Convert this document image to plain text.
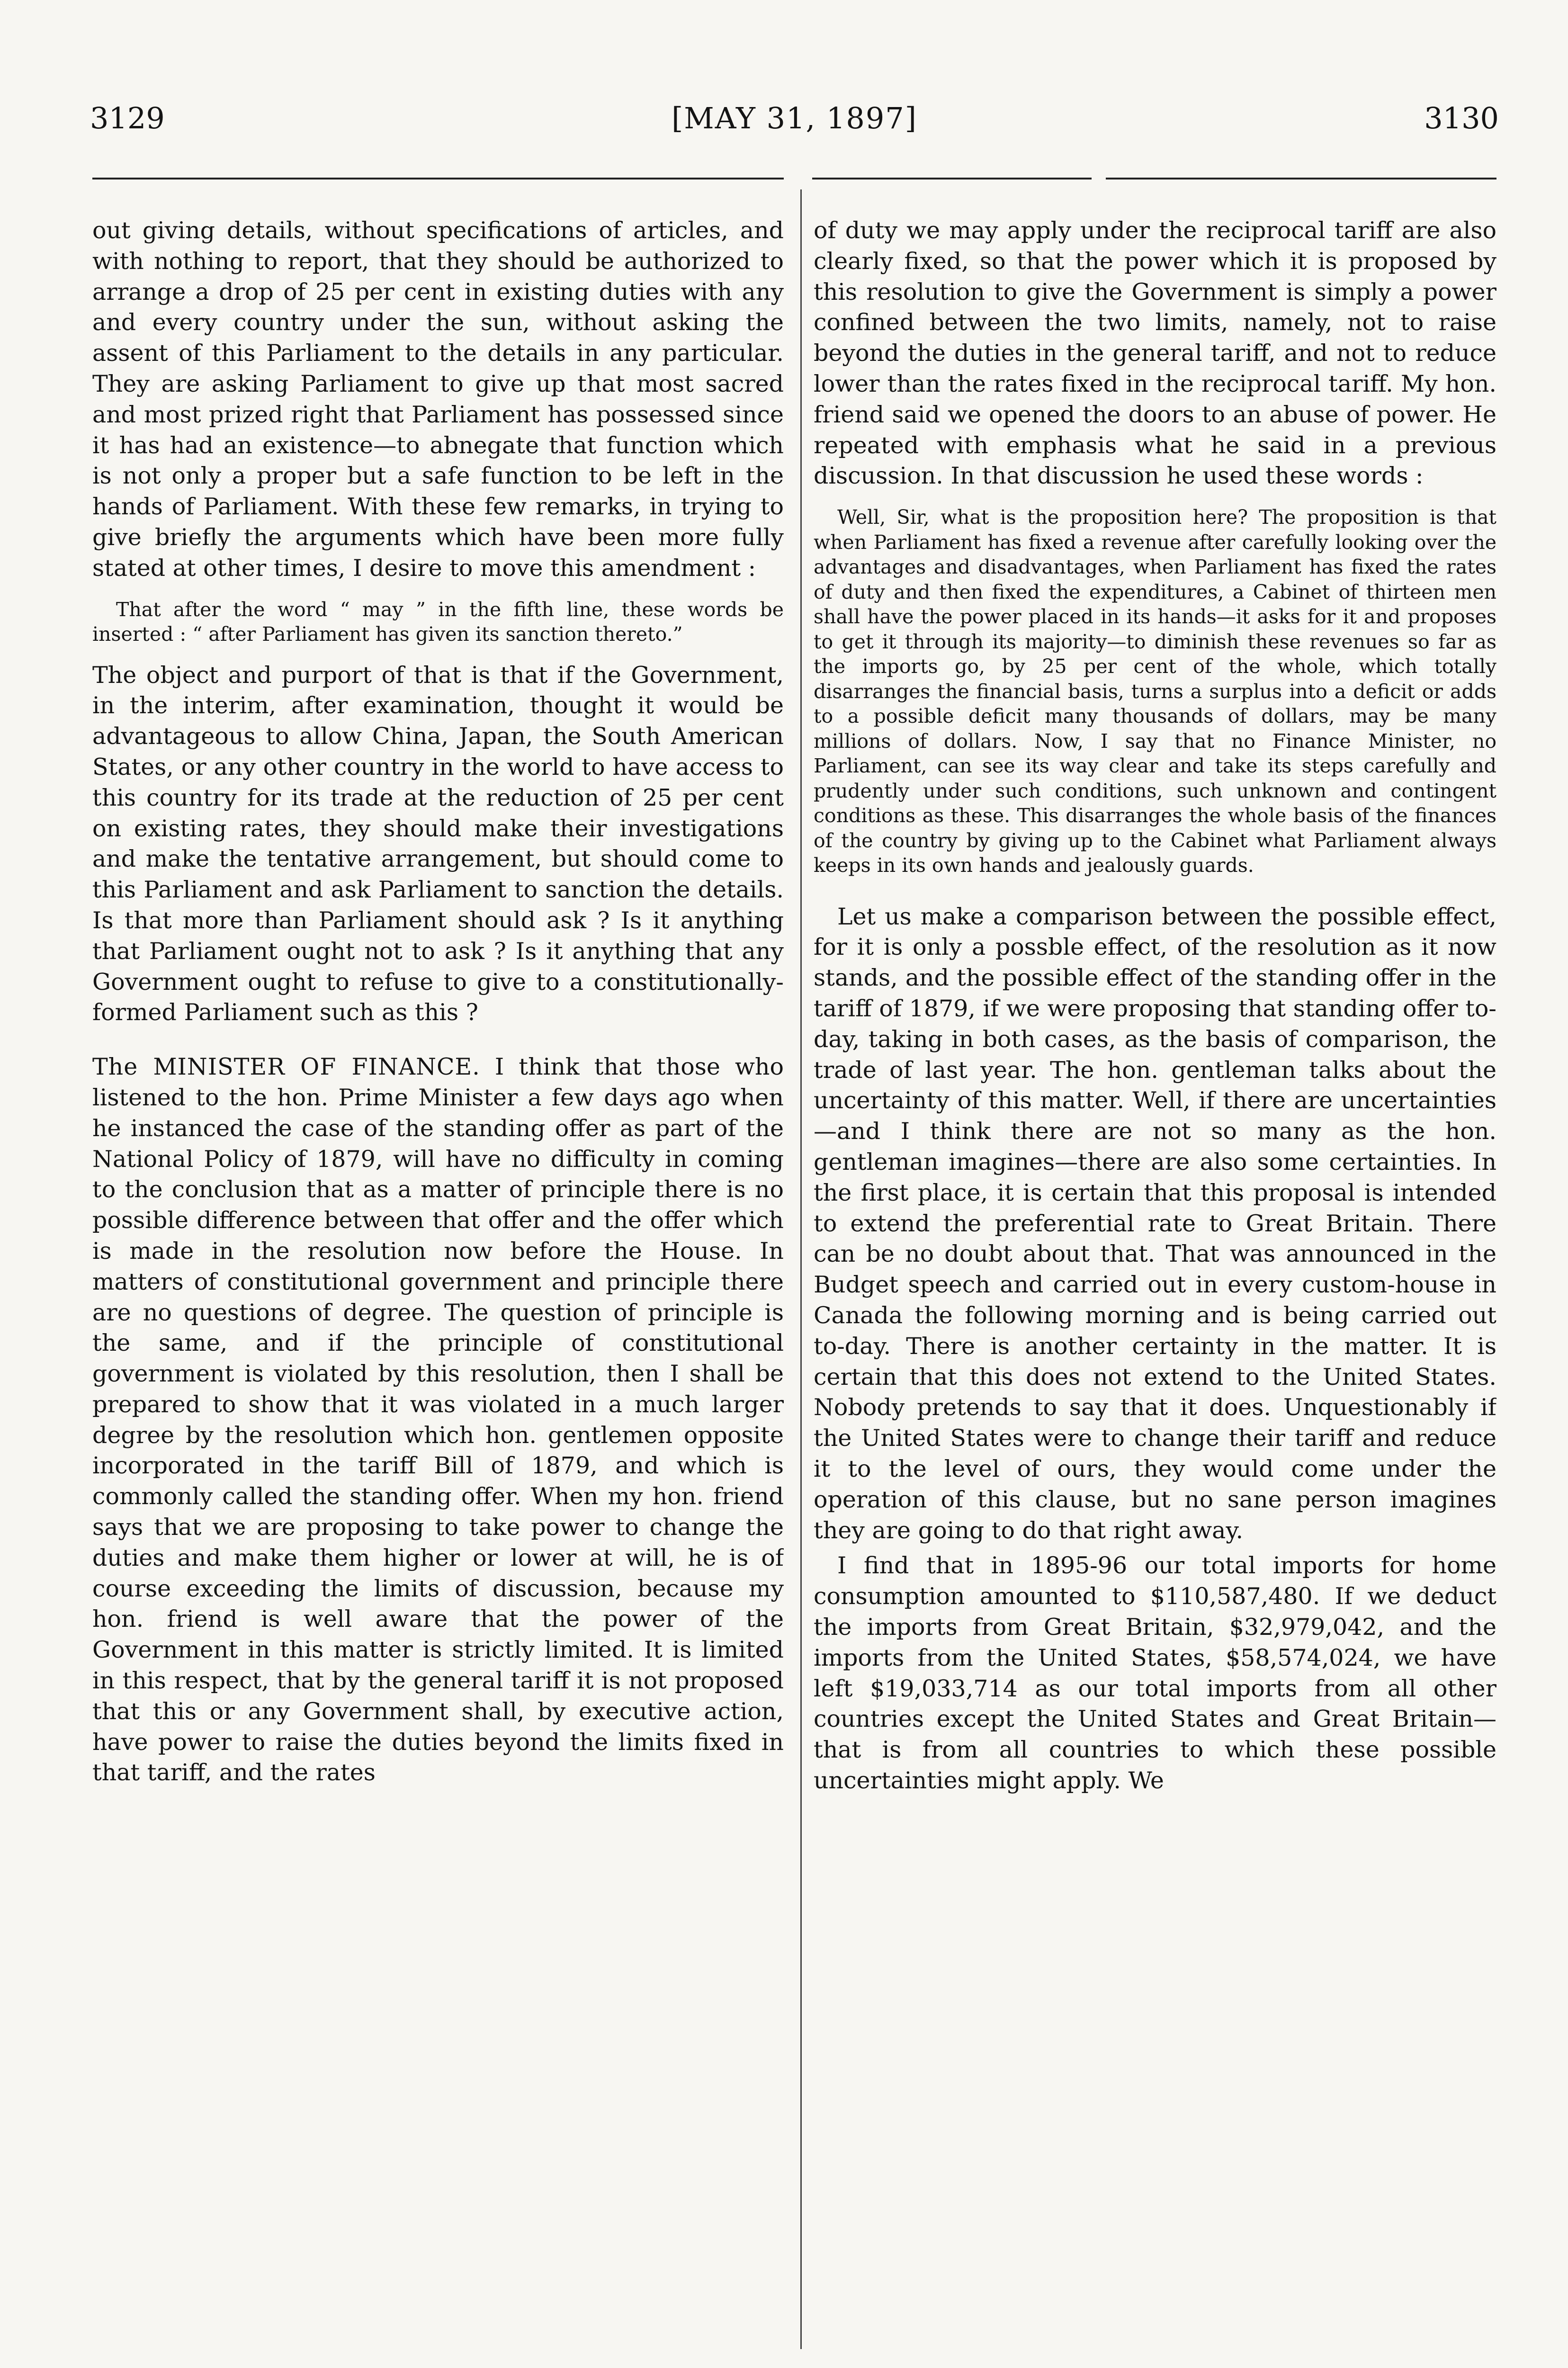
3129	[MAY 31, 1897]	3130

out giving details, without specifications of articles, and with nothing to report, that they should be authorized to arrange a drop of 25 per cent in existing duties with any and every country under the sun, without asking the assent of this Parliament to the details in any particular. They are asking Parliament to give up that most sacred and most prized right that Parliament has possessed since it has had an existence—to abnegate that function which is not only a proper but a safe function to be left in the hands of Parliament. With these few remarks, in trying to give briefly the arguments which have been more fully stated at other times, I desire to move this amendment :

That after the word “ may ” in the fifth line, these words be inserted : “ after Parliament has given its sanction thereto.”

The object and purport of that is that if the Government, in the interim, after examination, thought it would be advantageous to allow China, Japan, the South American States, or any other country in the world to have access to this country for its trade at the reduction of 25 per cent on existing rates, they should make their investigations and make the tentative arrangement, but should come to this Parliament and ask Parliament to sanction the details. Is that more than Parliament should ask ? Is it anything that Parliament ought not to ask ? Is it anything that any Government ought to refuse to give to a constitutionally-formed Parliament such as this ?

The MINISTER OF FINANCE. I think that those who listened to the hon. Prime Minister a few days ago when he instanced the case of the standing offer as part of the National Policy of 1879, will have no difficulty in coming to the conclusion that as a matter of principle there is no possible difference between that offer and the offer which is made in the resolution now before the House. In matters of constitutional government and principle there are no questions of degree. The question of principle is the same, and if the principle of constitutional government is violated by this resolution, then I shall be prepared to show that it was violated in a much larger degree by the resolution which hon. gentlemen opposite incorporated in the tariff Bill of 1879, and which is commonly called the standing offer. When my hon. friend says that we are proposing to take power to change the duties and make them higher or lower at will, he is of course exceeding the limits of discussion, because my hon. friend is well aware that the power of the Government in this matter is strictly limited. It is limited in this respect, that by the general tariff it is not proposed that this or any Government shall, by executive action, have power to raise the duties beyond the limits fixed in that tariff, and the rates

of duty we may apply under the reciprocal tariff are also clearly fixed, so that the power which it is proposed by this resolution to give the Government is simply a power confined between the two limits, namely, not to raise beyond the duties in the general tariff, and not to reduce lower than the rates fixed in the reciprocal tariff. My hon. friend said we opened the doors to an abuse of power. He repeated with emphasis what he said in a previous discussion. In that discussion he used these words :

Well, Sir, what is the proposition here? The proposition is that when Parliament has fixed a revenue after carefully looking over the advantages and disadvantages, when Parliament has fixed the rates of duty and then fixed the expenditures, a Cabinet of thirteen men shall have the power placed in its hands—it asks for it and proposes to get it through its majority—to diminish these revenues so far as the imports go, by 25 per cent of the whole, which totally disarranges the financial basis, turns a surplus into a deficit or adds to a possible deficit many thousands of dollars, may be many millions of dollars. Now, I say that no Finance Minister, no Parliament, can see its way clear and take its steps carefully and prudently under such conditions, such unknown and contingent conditions as these. This disarranges the whole basis of the finances of the country by giving up to the Cabinet what Parliament always keeps in its own hands and jealously guards.

Let us make a comparison between the possible effect, for it is only a possble effect, of the resolution as it now stands, and the possible effect of the standing offer in the tariff of 1879, if we were proposing that standing offer to-day, taking in both cases, as the basis of comparison, the trade of last year. The hon. gentleman talks about the uncertainty of this matter. Well, if there are uncertainties—and I think there are not so many as the hon. gentleman imagines—there are also some certainties. In the first place, it is certain that this proposal is intended to extend the preferential rate to Great Britain. There can be no doubt about that. That was announced in the Budget speech and carried out in every custom-house in Canada the following morning and is being carried out to-day. There is another certainty in the matter. It is certain that this does not extend to the United States. Nobody pretends to say that it does. Unquestionably if the United States were to change their tariff and reduce it to the level of ours, they would come under the operation of this clause, but no sane person imagines they are going to do that right away.

I find that in 1895-96 our total imports for home consumption amounted to $110,587,480. If we deduct the imports from Great Britain, $32,979,042, and the imports from the United States, $58,574,024, we have left $19,033,714 as our total imports from all other countries except the United States and Great Britain—that is from all countries to which these possible uncertainties might apply. We
